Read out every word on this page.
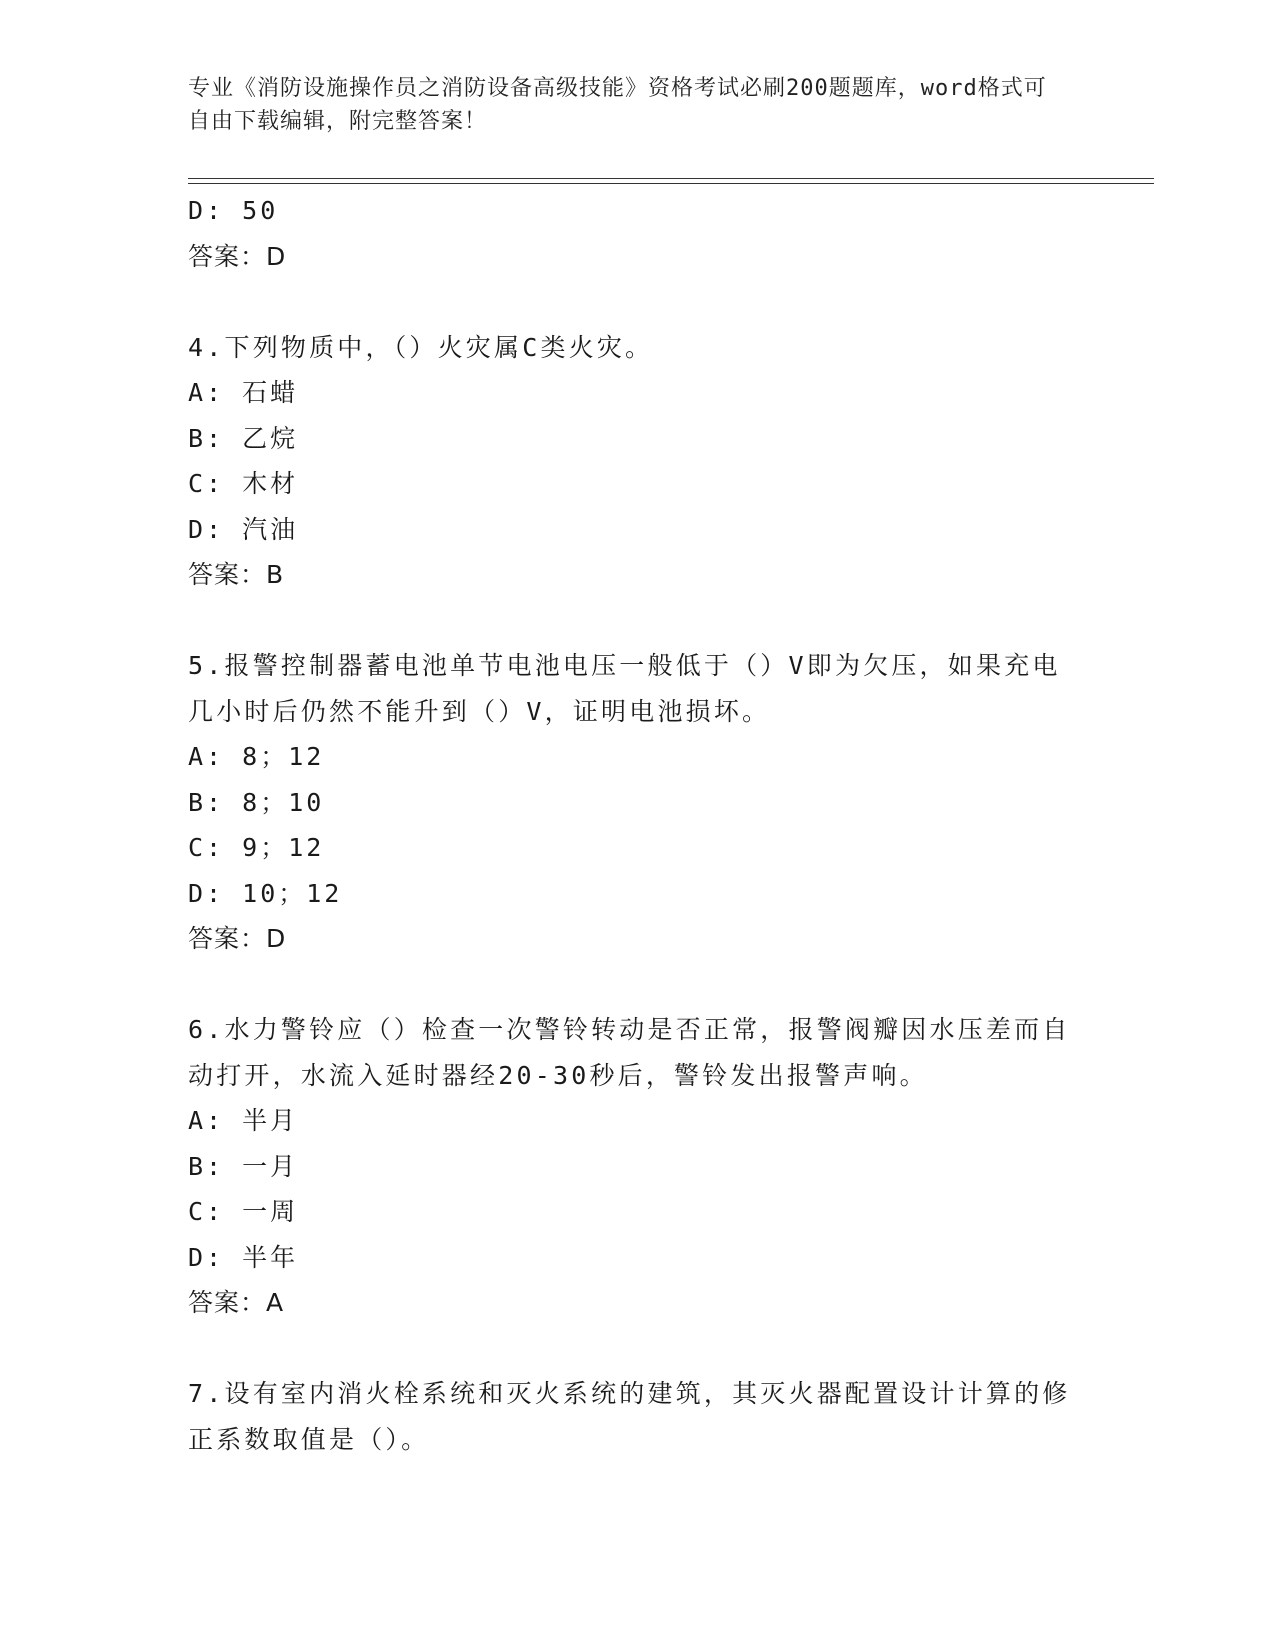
专业《消防设施操作员之消防设备高级技能》资格考试必刷200题题库，word格式可自由下载编辑，附完整答案！
D: 50
答案：D
4.下列物质中，（）火灾属C类火灾。
A: 石蜡
B: 乙烷
C: 木材
D: 汽油
答案：B
5.报警控制器蓄电池单节电池电压一般低于（）V即为欠压，如果充电几小时后仍然不能升到（）V，证明电池损坏。
A: 8；12
B: 8；10
C: 9；12
D: 10；12
答案：D
6.水力警铃应（）检查一次警铃转动是否正常，报警阀瓣因水压差而自动打开，水流入延时器经20-30秒后，警铃发出报警声响。
A: 半月
B: 一月
C: 一周
D: 半年
答案：A
7.设有室内消火栓系统和灭火系统的建筑，其灭火器配置设计计算的修正系数取值是（）。
